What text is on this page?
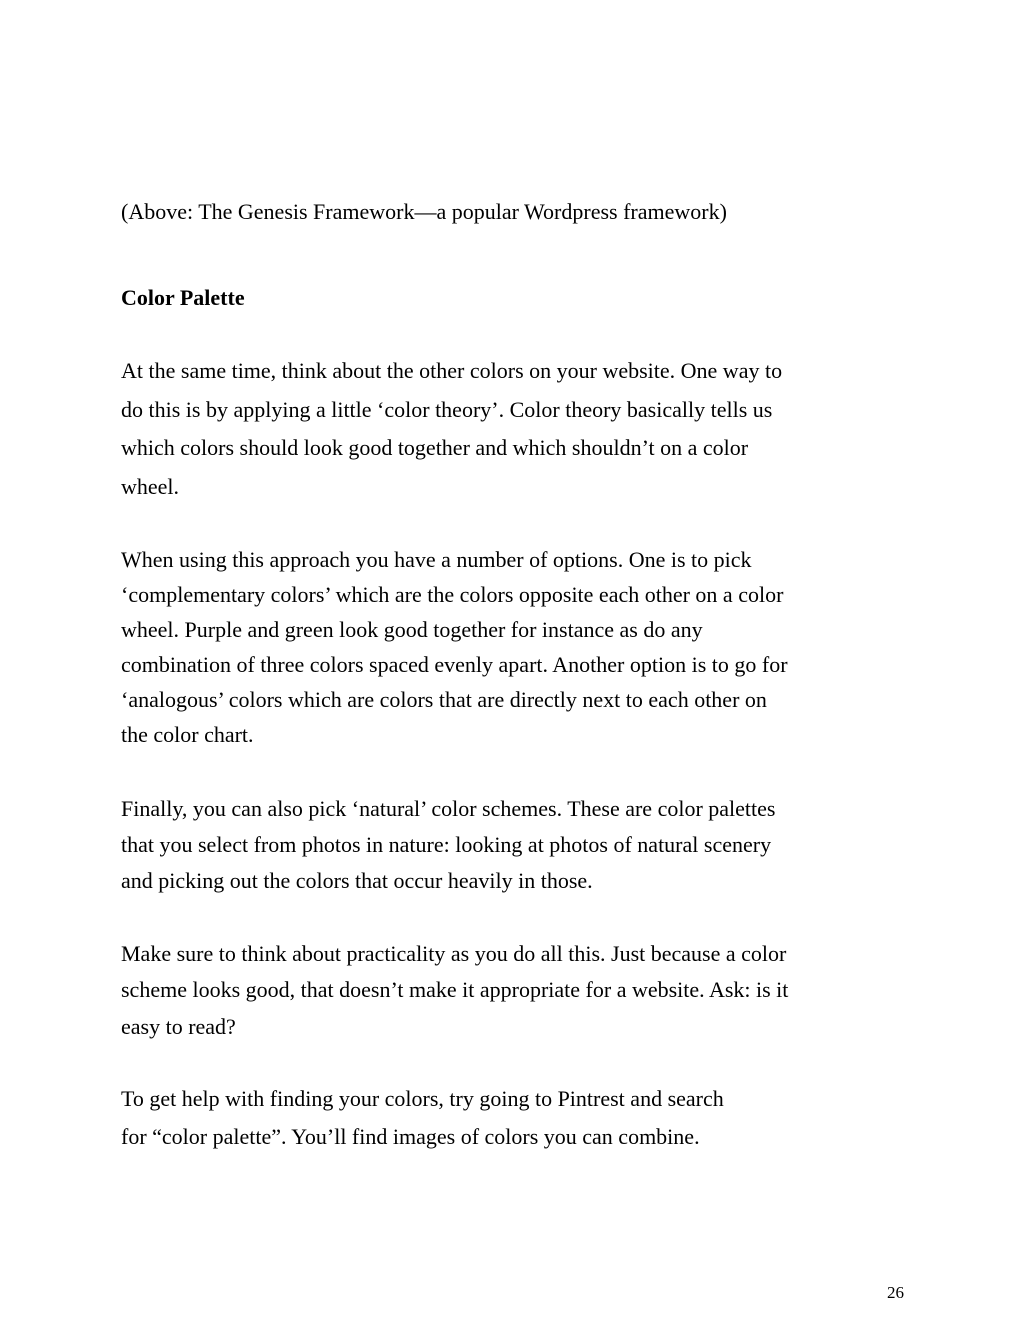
(Above: The Genesis Framework—a popular Wordpress framework)

Color Palette

At the same time, think about the other colors on your website. One way to

do this is by applying a little ‘color theory’. Color theory basically tells us

which colors should look good together and which shouldn’t on a color

wheel.

When using this approach you have a number of options. One is to pick

‘complementary colors’ which are the colors opposite each other on a color

wheel. Purple and green look good together for instance as do any

combination of three colors spaced evenly apart. Another option is to go for

‘analogous’ colors which are colors that are directly next to each other on

the color chart.

Finally, you can also pick ‘natural’ color schemes. These are color palettes

that you select from photos in nature: looking at photos of natural scenery

and picking out the colors that occur heavily in those.

Make sure to think about practicality as you do all this. Just because a color

scheme looks good, that doesn’t make it appropriate for a website. Ask: is it

easy to read?

To get help with finding your colors, try going to Pintrest and search

for “color palette”. You’ll find images of colors you can combine.

26
